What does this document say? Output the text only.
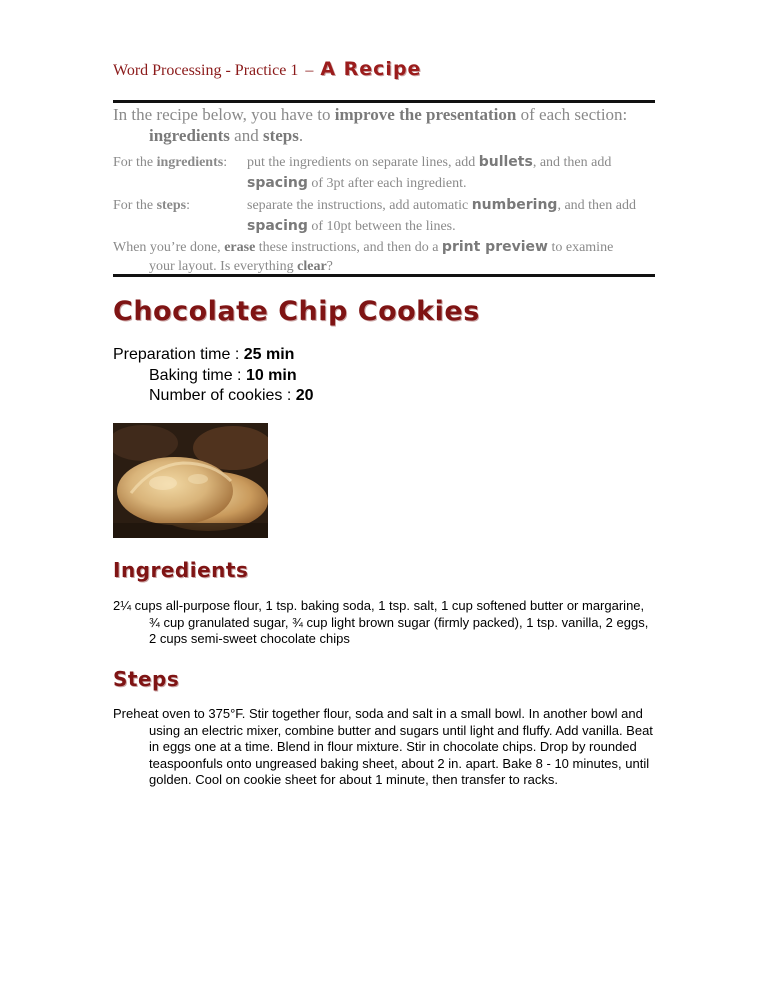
Word Processing - Practice 1 – A Recipe
In the recipe below, you have to improve the presentation of each section:
ingredients and steps.
For the ingredients: put the ingredients on separate lines, add bullets, and then add spacing of 3pt after each ingredient.
For the steps:	separate the instructions, add automatic numbering, and then add spacing of 10pt between the lines.
When you’re done, erase these instructions, and then do a print preview to examine
your layout. Is everything clear?
Chocolate Chip Cookies
Preparation time : 25 min
Baking time : 10 min
Number of cookies : 20
Ingredients

2¼ cups all-purpose flour, 1 tsp. baking soda, 1 tsp. salt, 1 cup softened butter or margarine, ¾ cup granulated sugar, ¾ cup light brown sugar (firmly packed), 1 tsp. vanilla, 2 eggs, 2 cups semi-sweet chocolate chips

Steps

Preheat oven to 375°F. Stir together flour, soda and salt in a small bowl. In another bowl and using an electric mixer, combine butter and sugars until light and fluffy. Add vanilla. Beat in eggs one at a time. Blend in flour mixture. Stir in chocolate chips. Drop by rounded teaspoonfuls onto ungreased baking sheet, about 2 in. apart. Bake 8 - 10 minutes, until golden. Cool on cookie sheet for about 1 minute, then transfer to racks.
